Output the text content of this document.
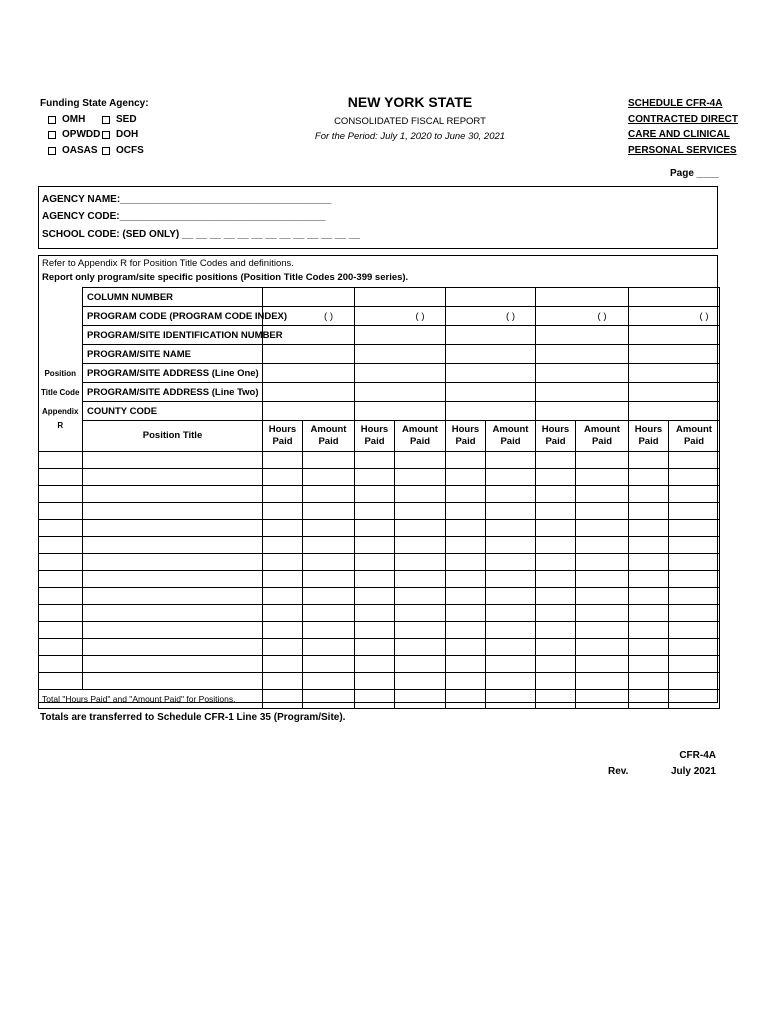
Funding State Agency:
OMH	SED
OPWDD DOH
OASAS OCFS
NEW YORK STATE
CONSOLIDATED FISCAL REPORT
For the Period: July 1, 2020 to June 30, 2021
SCHEDULE CFR-4A
CONTRACTED DIRECT
CARE AND CLINICAL
PERSONAL SERVICES
Page ____
AGENCY NAME:______________________________________
AGENCY CODE:_____________________________________
SCHOOL CODE: (SED ONLY) __ __ __ __ __ __ __ __ __ __ __ __ __
Refer to Appendix R for Position Title Codes and definitions.
Report only program/site specific positions (Position Title Codes 200-399 series).
	COLUMN NUMBER										
	PROGRAM CODE (PROGRAM CODE INDEX)	( )		( )		( )		( )		( )	
	PROGRAM/SITE IDENTIFICATION NUMBER										
	PROGRAM/SITE NAME										
Position	PROGRAM/SITE ADDRESS (Line One)										
Title Code	PROGRAM/SITE ADDRESS (Line Two)										
Appendix	COUNTY CODE										
R	Position Title	Hours Paid	Amount Paid	Hours Paid	Amount Paid	Hours Paid	Amount Paid	Hours Paid	Amount Paid	Hours Paid	Amount Paid

Total "Hours Paid" and "Amount Paid" for Positions.											
Totals are transferred to Schedule CFR-1 Line 35 (Program/Site).
CFR-4A
Rev.	July 2021
